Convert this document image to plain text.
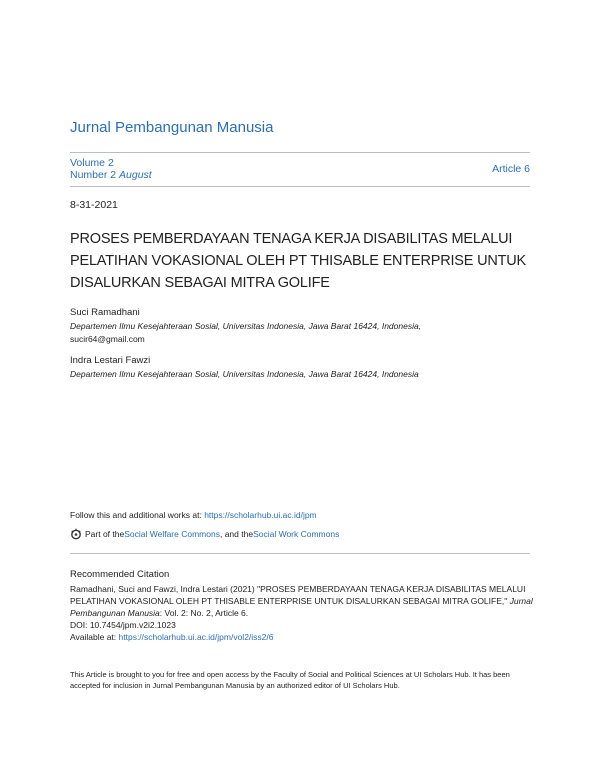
Jurnal Pembangunan Manusia
Volume 2
Number 2 August	Article 6
8-31-2021
PROSES PEMBERDAYAAN TENAGA KERJA DISABILITAS MELALUI PELATIHAN VOKASIONAL OLEH PT THISABLE ENTERPRISE UNTUK DISALURKAN SEBAGAI MITRA GOLIFE
Suci Ramadhani
Departemen Ilmu Kesejahteraan Sosial, Universitas Indonesia, Jawa Barat 16424, Indonesia,
sucir64@gmail.com
Indra Lestari Fawzi
Departemen Ilmu Kesejahteraan Sosial, Universitas Indonesia, Jawa Barat 16424, Indonesia
Follow this and additional works at: https://scholarhub.ui.ac.id/jpm
Part of the Social Welfare Commons , and the Social Work Commons
Recommended Citation
Ramadhani, Suci and Fawzi, Indra Lestari (2021) "PROSES PEMBERDAYAAN TENAGA KERJA DISABILITAS MELALUI PELATIHAN VOKASIONAL OLEH PT THISABLE ENTERPRISE UNTUK DISALURKAN SEBAGAI MITRA GOLIFE," Jurnal Pembangunan Manusia: Vol. 2: No. 2, Article 6.
DOI: 10.7454/jpm.v2i2.1023
Available at: https://scholarhub.ui.ac.id/jpm/vol2/iss2/6
This Article is brought to you for free and open access by the Faculty of Social and Political Sciences at UI Scholars Hub. It has been accepted for inclusion in Jurnal Pembangunan Manusia by an authorized editor of UI Scholars Hub.
